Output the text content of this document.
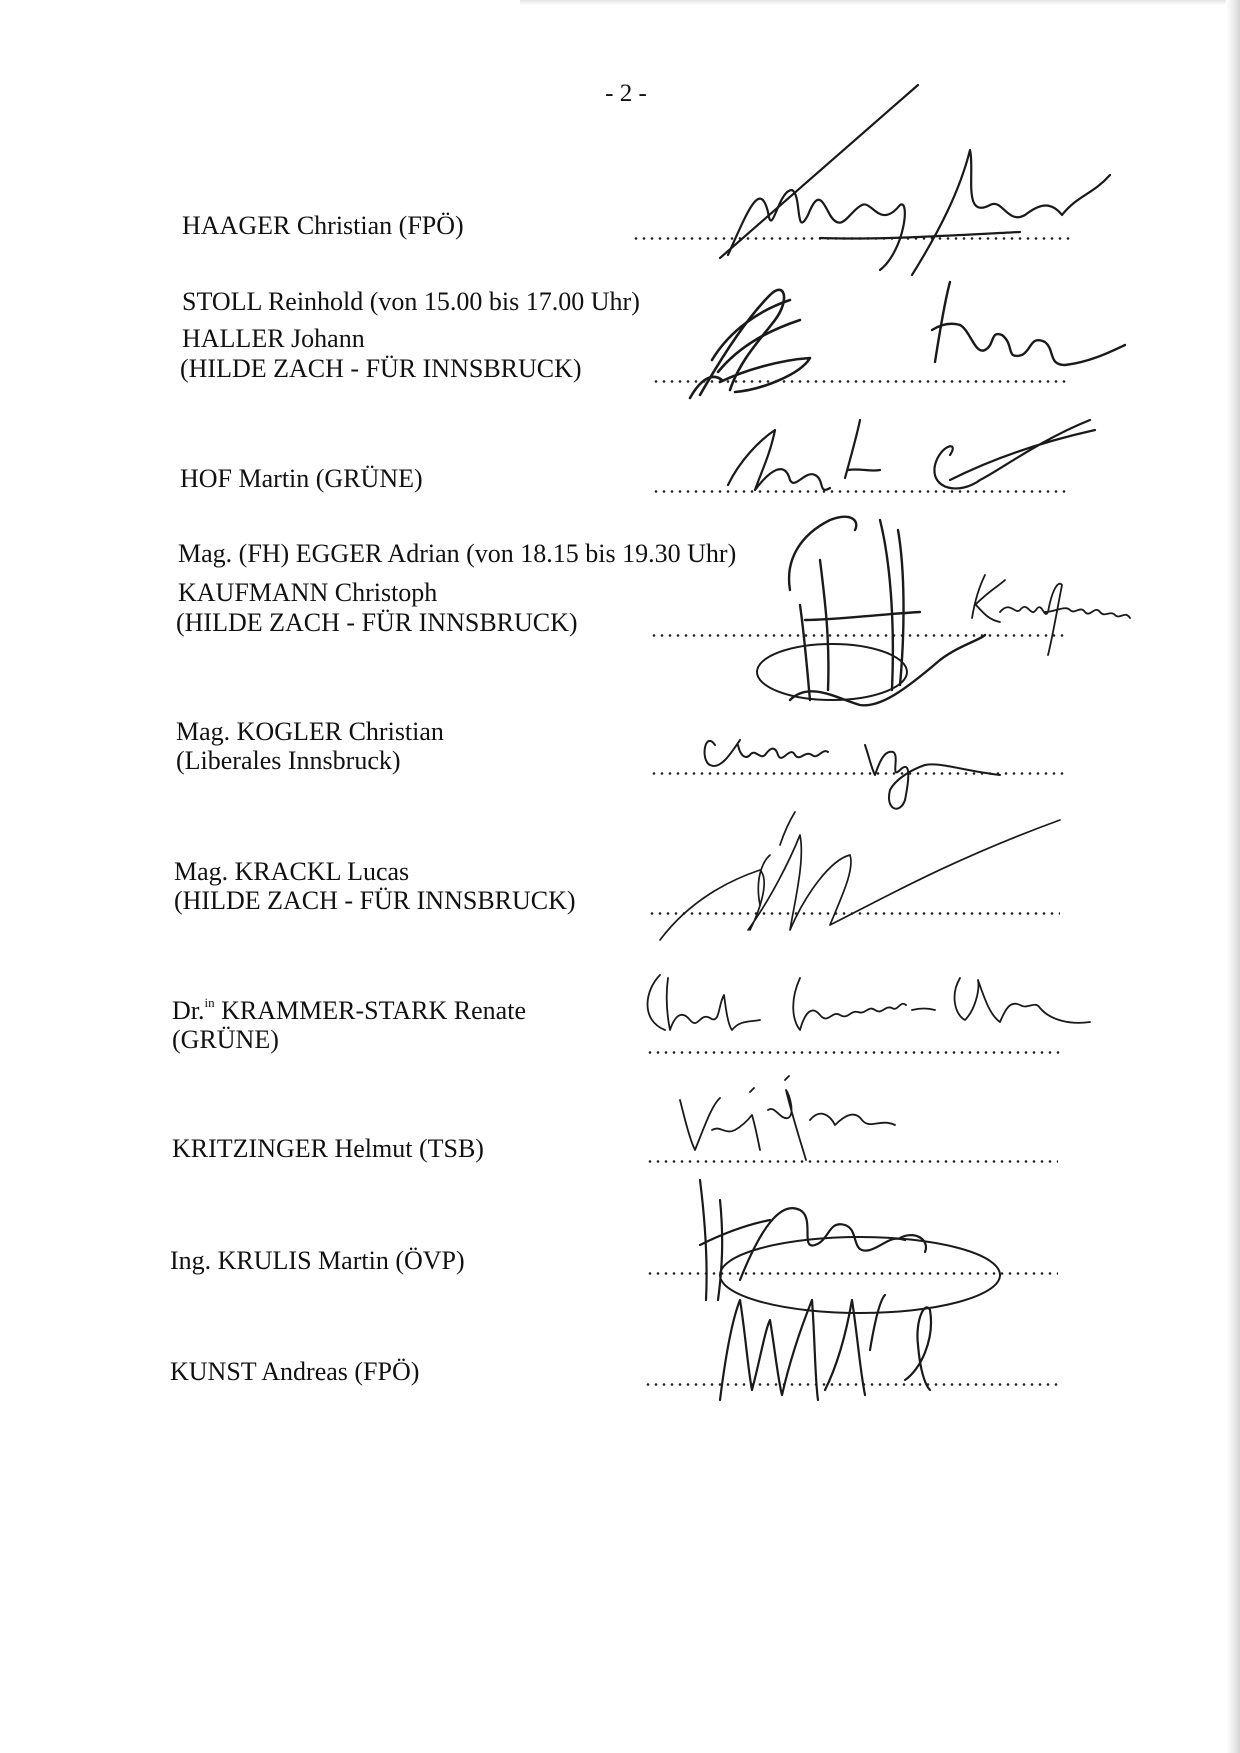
- 2 -
HAAGER Christian (FPÖ)
STOLL Reinhold (von 15.00 bis 17.00 Uhr)
HALLER Johann
(HILDE ZACH - FÜR INNSBRUCK)
HOF Martin (GRÜNE)
Mag. (FH) EGGER Adrian (von 18.15 bis 19.30 Uhr)
KAUFMANN Christoph
(HILDE ZACH - FÜR INNSBRUCK)
Mag. KOGLER Christian
(Liberales Innsbruck)
Mag. KRACKL Lucas
(HILDE ZACH - FÜR INNSBRUCK)
Dr.$^{in}$ KRAMMER-STARK Renate
(GRÜNE)
KRITZINGER Helmut (TSB)
Ing. KRULIS Martin (ÖVP)
KUNST Andreas (FPÖ)
